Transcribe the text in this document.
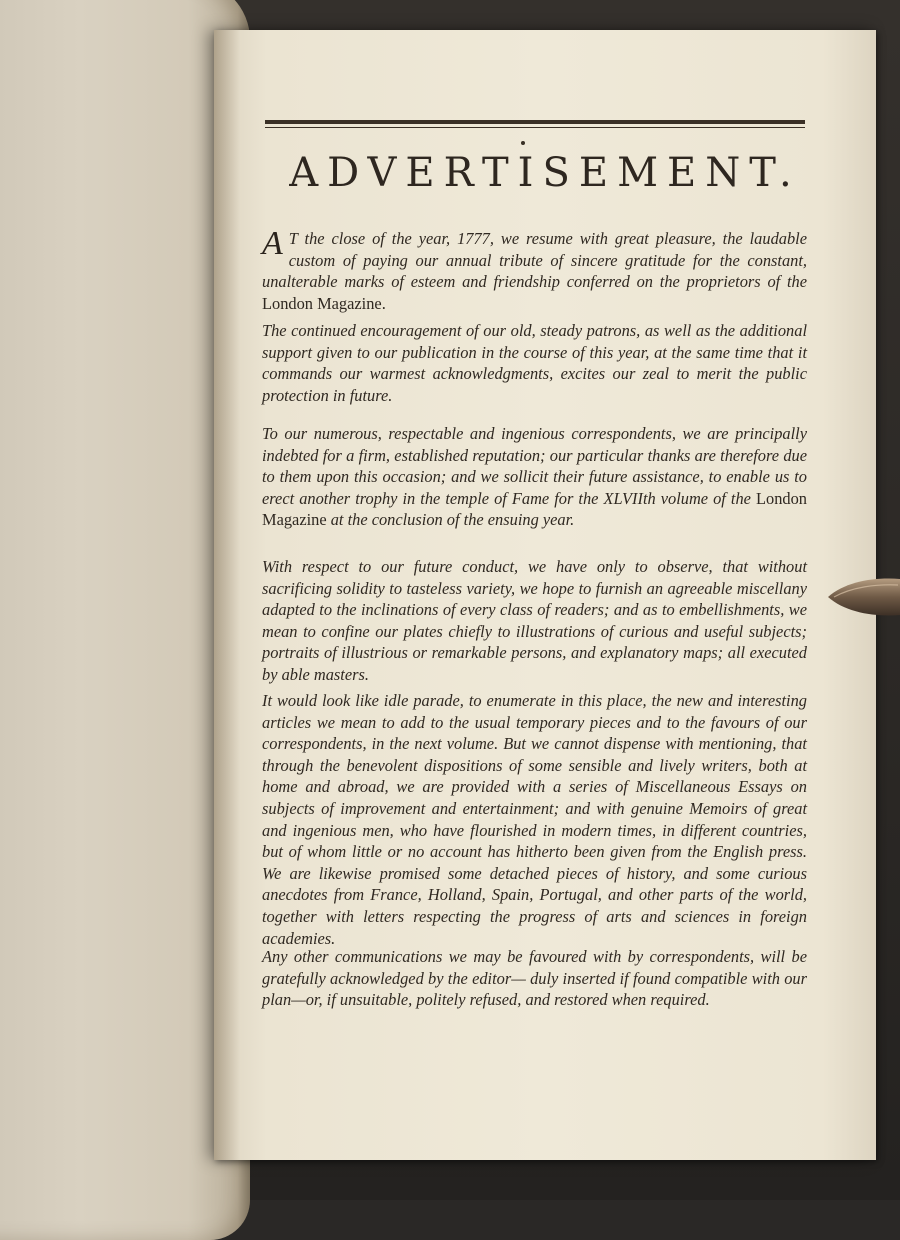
ADVERTISEMENT.

A T the close of the year, 1777, we resume with great pleasure, the laudable custom of paying our annual tribute of sincere gratitude for the constant, unalterable marks of esteem and friendship conferred on the proprietors of the London Magazine.

The continued encouragement of our old, steady patrons, as well as the additional support given to our publication in the course of this year, at the same time that it commands our warmest acknowledgments, excites our zeal to merit the public protection in future.

To our numerous, respectable and ingenious correspondents, we are principally indebted for a firm, established reputation; our particular thanks are therefore due to them upon this occasion; and we sollicit their future assistance, to enable us to erect another trophy in the temple of Fame for the XLVIIth volume of the London Magazine at the conclusion of the ensuing year.

With respect to our future conduct, we have only to observe, that without sacrificing solidity to tasteless variety, we hope to furnish an agreeable miscellany adapted to the inclinations of every class of readers; and as to embellishments, we mean to confine our plates chiefly to illustrations of curious and useful subjects; portraits of illustrious or remarkable persons, and explanatory maps; all executed by able masters.

It would look like idle parade, to enumerate in this place, the new and interesting articles we mean to add to the usual temporary pieces and to the favours of our correspondents, in the next volume. But we cannot dispense with mentioning, that through the benevolent dispositions of some sensible and lively writers, both at home and abroad, we are provided with a series of Miscellaneous Essays on subjects of improvement and entertainment; and with genuine Memoirs of great and ingenious men, who have flourished in modern times, in different countries, but of whom little or no account has hitherto been given from the English press. We are likewise promised some detached pieces of history, and some curious anecdotes from France, Holland, Spain, Portugal, and other parts of the world, together with letters respecting the progress of arts and sciences in foreign academies.

Any other communications we may be favoured with by correspondents, will be gratefully acknowledged by the editor— duly inserted if found compatible with our plan—or, if unsuitable, politely refused, and restored when required.
